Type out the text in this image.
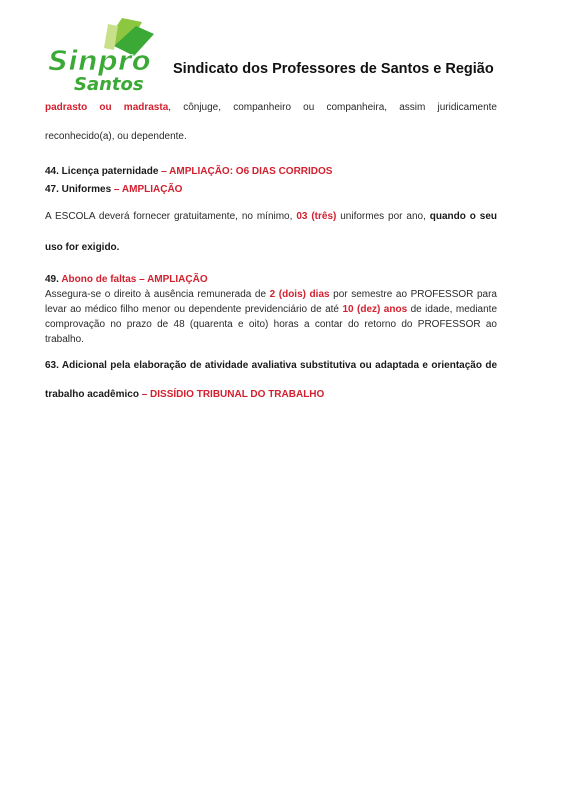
Sinpro
Santos
Sindicato dos Professores de Santos e Região
padrasto ou madrasta, cônjuge, companheiro ou companheira, assim juridicamente
reconhecido(a), ou dependente.
44. Licença paternidade – AMPLIAÇÃO: O6 DIAS CORRIDOS
47. Uniformes – AMPLIAÇÃO
A ESCOLA deverá fornecer gratuitamente, no mínimo, 03 (três) uniformes por ano, quando o seu
uso for exigido.
49. Abono de faltas – AMPLIAÇÃO
Assegura-se o direito à ausência remunerada de 2 (dois) dias por semestre ao PROFESSOR para
levar ao médico filho menor ou dependente previdenciário de até 10 (dez) anos de idade, mediante
comprovação no prazo de 48 (quarenta e oito) horas a contar do retorno do PROFESSOR ao
trabalho.
63. Adicional pela elaboração de atividade avaliativa substitutiva ou adaptada e orientação de
trabalho acadêmico – DISSÍDIO TRIBUNAL DO TRABALHO
